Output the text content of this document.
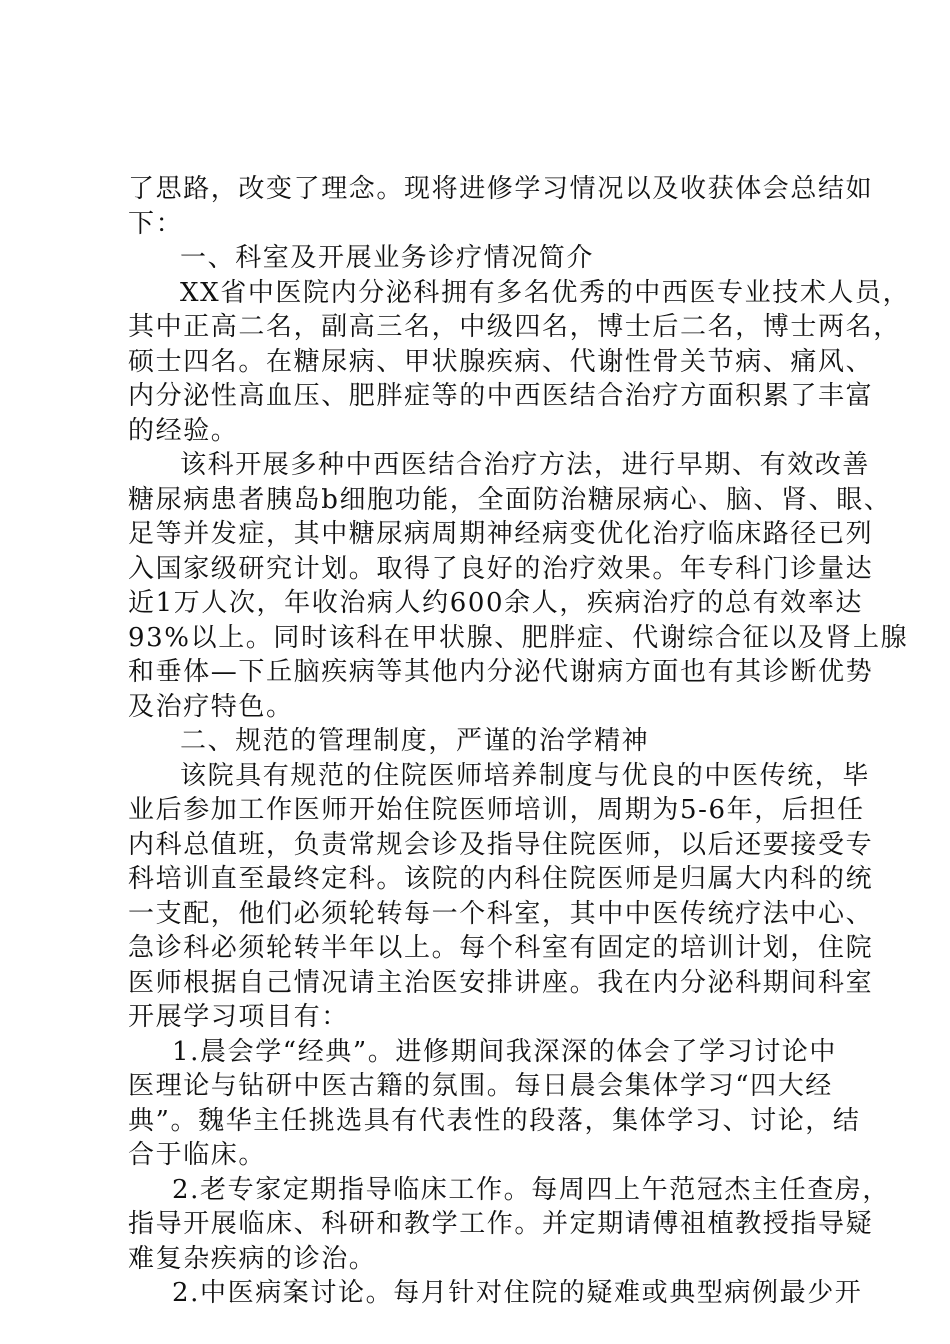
了思路，改变了理念。现将进修学习情况以及收获体会总结如
下：
一、科室及开展业务诊疗情况简介
XX省中医院内分泌科拥有多名优秀的中西医专业技术人员，
其中正高二名，副高三名，中级四名，博士后二名，博士两名，
硕士四名。在糖尿病、甲状腺疾病、代谢性骨关节病、痛风、
内分泌性高血压、肥胖症等的中西医结合治疗方面积累了丰富
的经验。
该科开展多种中西医结合治疗方法，进行早期、有效改善
糖尿病患者胰岛b细胞功能，全面防治糖尿病心、脑、肾、眼、
足等并发症，其中糖尿病周期神经病变优化治疗临床路径已列
入国家级研究计划。取得了良好的治疗效果。年专科门诊量达
近1万人次，年收治病人约600余人，疾病治疗的总有效率达
93%以上。同时该科在甲状腺、肥胖症、代谢综合征以及肾上腺
和垂体—下丘脑疾病等其他内分泌代谢病方面也有其诊断优势
及治疗特色。
二、规范的管理制度，严谨的治学精神
该院具有规范的住院医师培养制度与优良的中医传统，毕
业后参加工作医师开始住院医师培训，周期为5-6年，后担任
内科总值班，负责常规会诊及指导住院医师，以后还要接受专
科培训直至最终定科。该院的内科住院医师是归属大内科的统
一支配，他们必须轮转每一个科室，其中中医传统疗法中心、
急诊科必须轮转半年以上。每个科室有固定的培训计划，住院
医师根据自己情况请主治医安排讲座。我在内分泌科期间科室
开展学习项目有：
1.晨会学“经典”。进修期间我深深的体会了学习讨论中
医理论与钻研中医古籍的氛围。每日晨会集体学习“四大经
典”。魏华主任挑选具有代表性的段落，集体学习、讨论，结
合于临床。
2.老专家定期指导临床工作。每周四上午范冠杰主任查房，
指导开展临床、科研和教学工作。并定期请傅祖植教授指导疑
难复杂疾病的诊治。
2.中医病案讨论。每月针对住院的疑难或典型病例最少开
